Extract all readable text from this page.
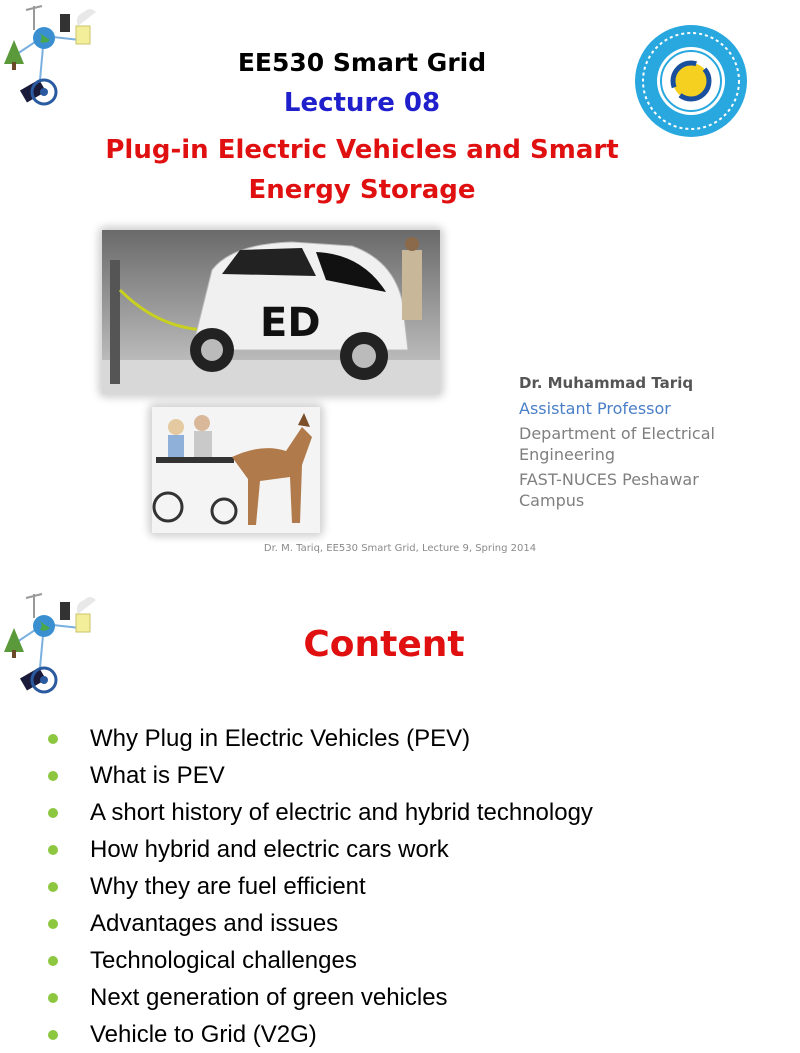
EE530 Smart Grid
Lecture 08
Plug-in Electric Vehicles and Smart
Energy Storage
ED
Dr. Muhammad Tariq
Assistant Professor
Department of Electrical
Engineering
FAST-NUCES Peshawar
Campus
Dr. M. Tariq, EE530 Smart Grid, Lecture 9, Spring 2014
Content
Why Plug in Electric Vehicles (PEV)
What is PEV
A short history of electric and hybrid technology
How hybrid and electric cars work
Why they are fuel efficient
Advantages and issues
Technological challenges
Next generation of green vehicles
Vehicle to Grid (V2G)
